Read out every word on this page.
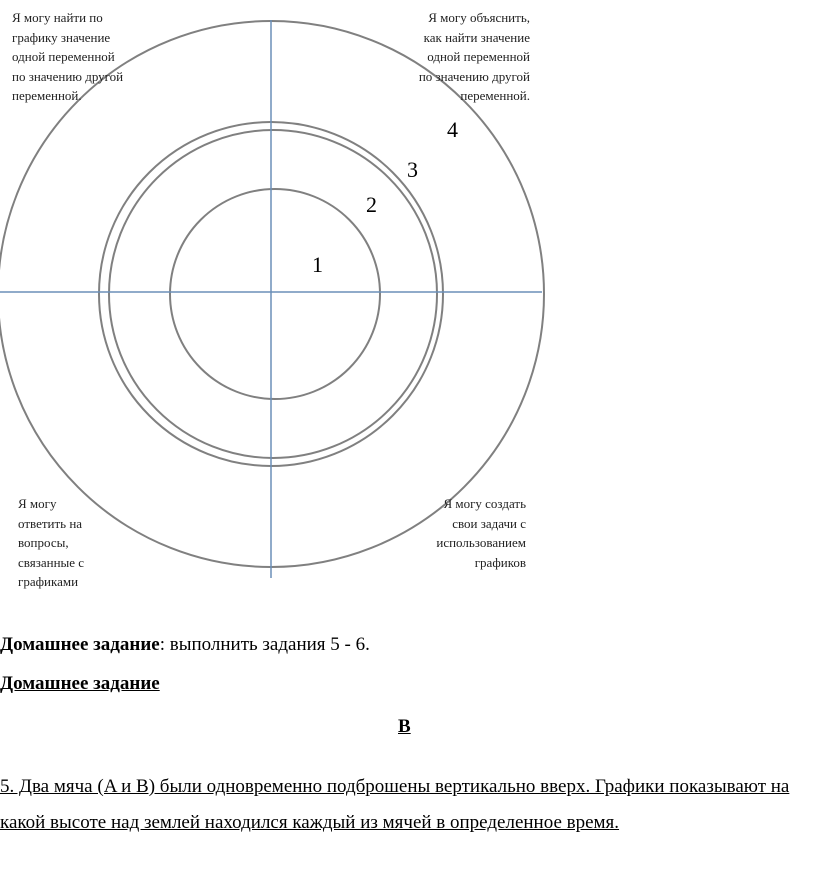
1
2
3
4
Я могу найти по
графику значение
одной переменной
по значению другой
переменной.
Я могу объяснить,
как найти значение
одной переменной
по значению другой
переменной.
Я могу
ответить на
вопросы,
связанные с
графиками
Я могу создать
свои задачи с
использованием
графиков
Домашнее задание: выполнить задания 5 - 6.
Домашнее задание
B
5. Два мяча (A и B) были одновременно подброшены вертикально вверх. Графики показывают на какой высоте над землей находился каждый из мячей в определенное время.
